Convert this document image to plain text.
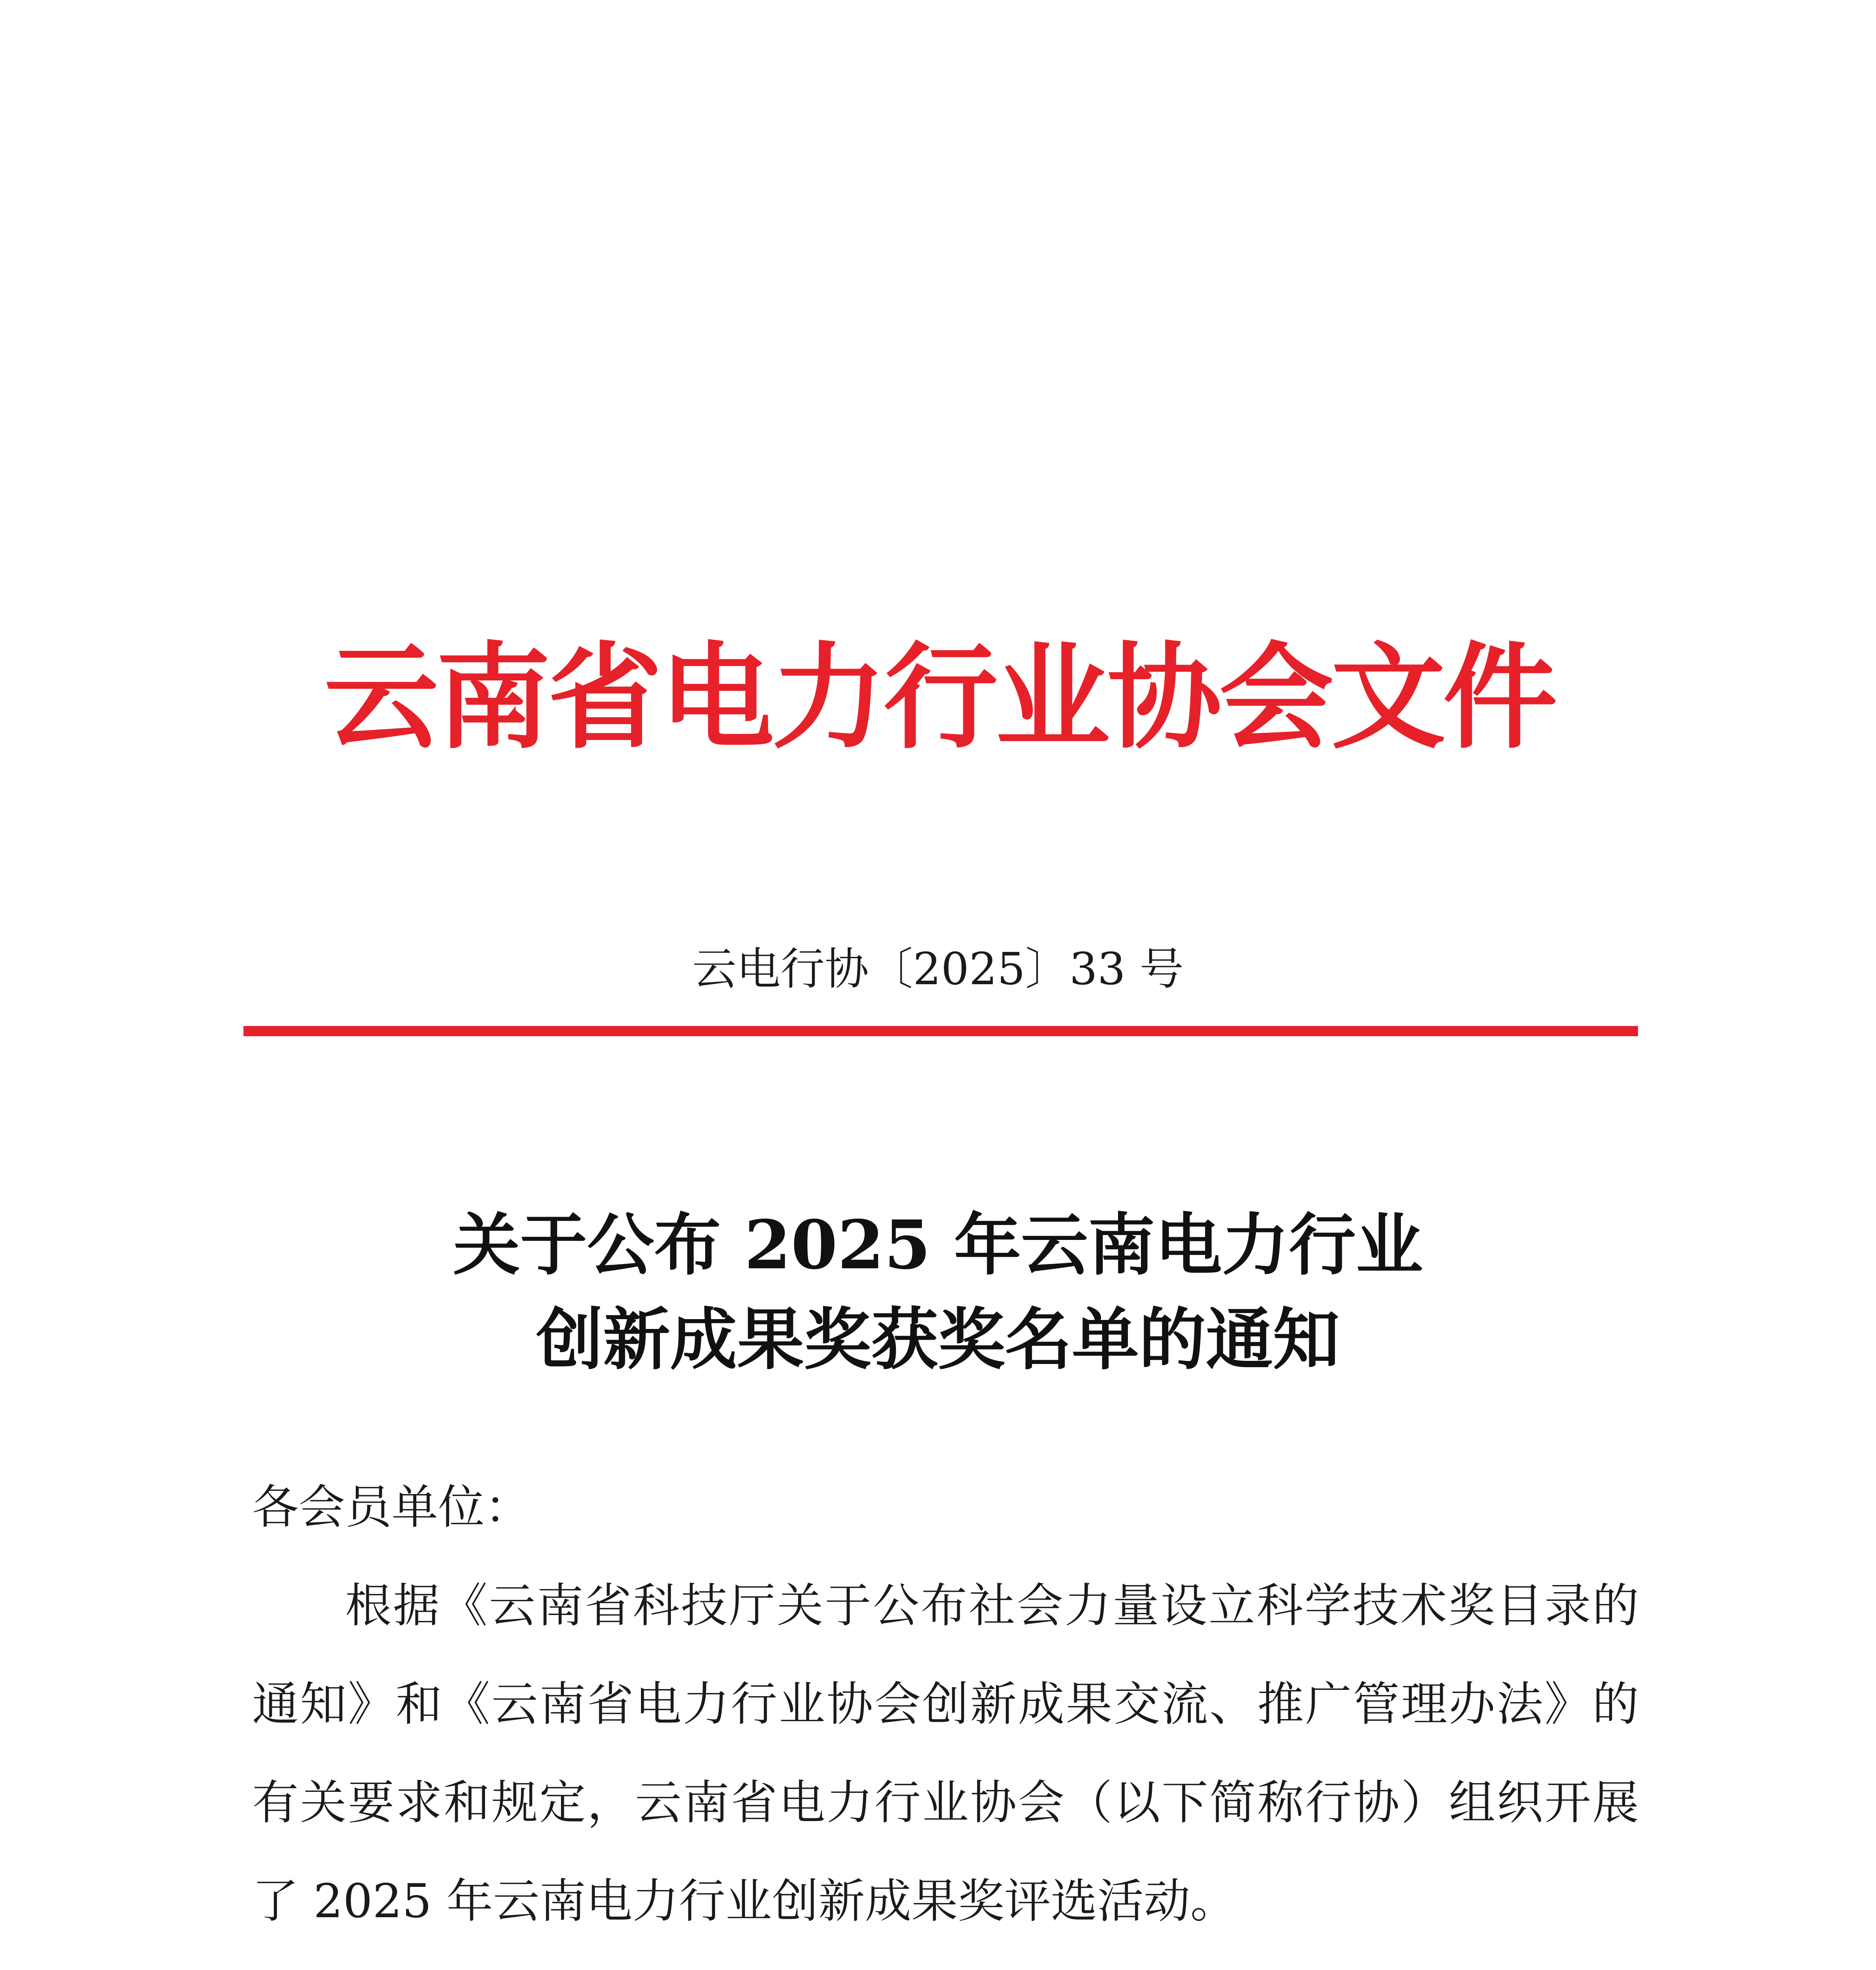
云南省电力行业协会文件
云电行协〔2025〕33 号
关于公布 2025 年云南电力行业
创新成果奖获奖名单的通知

各会员单位：

根据《云南省科技厅关于公布社会力量设立科学技术奖目录的通知》和《云南省电力行业协会创新成果交流、推广管理办法》的有关要求和规定，云南省电力行业协会（以下简称行协）组织开展了 2025 年云南电力行业创新成果奖评选活动。
